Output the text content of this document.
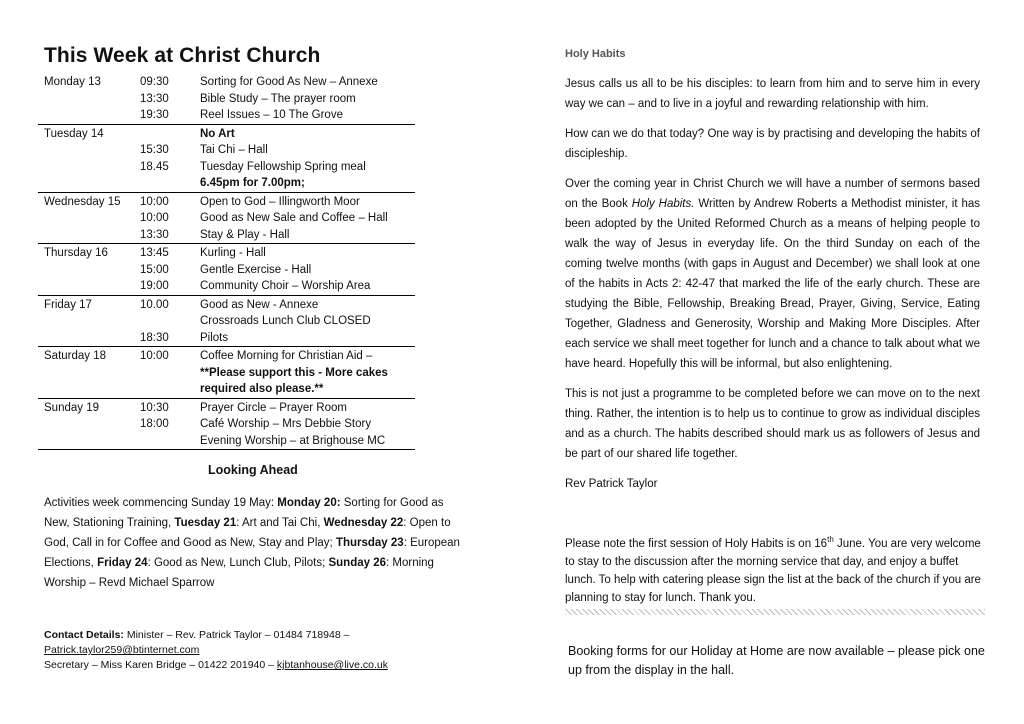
This Week at Christ Church
Monday 13	09:30	Sorting for Good As New – Annexe
	13:30	Bible Study – The prayer room
	19:30	Reel Issues – 10 The Grove
Tuesday 14		No Art
	15:30	Tai Chi – Hall
	18.45	Tuesday Fellowship Spring meal
		6.45pm for 7.00pm;
Wednesday 15	10:00	Open to God – Illingworth Moor
	10:00	Good as New Sale and Coffee – Hall
	13:30	Stay & Play - Hall
Thursday 16	13:45	Kurling - Hall
	15:00	Gentle Exercise - Hall
	19:00	Community Choir – Worship Area
Friday 17	10.00	Good as New - Annexe
		Crossroads Lunch Club CLOSED
	18:30	Pilots
Saturday 18	10:00	Coffee Morning for Christian Aid –
		**Please support this - More cakes
		required also please.**
Sunday 19	10:30	Prayer Circle – Prayer Room
	18:00	Café Worship – Mrs Debbie Story
		Evening Worship – at Brighouse MC
Looking Ahead
Activities week commencing Sunday 19 May: Monday 20: Sorting for Good as New, Stationing Training, Tuesday 21: Art and Tai Chi, Wednesday 22: Open to God, Call in for Coffee and Good as New, Stay and Play; Thursday 23: European Elections, Friday 24: Good as New, Lunch Club, Pilots; Sunday 26: Morning Worship – Revd Michael Sparrow
Contact Details: Minister – Rev. Patrick Taylor – 01484 718948 –
Patrick.taylor259@btinternet.com
Secretary – Miss Karen Bridge – 01422 201940 – kjbtanhouse@live.co.uk
Holy Habits

Jesus calls us all to be his disciples: to learn from him and to serve him in every way we can – and to live in a joyful and rewarding relationship with him.

How can we do that today? One way is by practising and developing the habits of discipleship.

Over the coming year in Christ Church we will have a number of sermons based on the Book Holy Habits. Written by Andrew Roberts a Methodist minister, it has been adopted by the United Reformed Church as a means of helping people to walk the way of Jesus in everyday life. On the third Sunday on each of the coming twelve months (with gaps in August and December) we shall look at one of the habits in Acts 2: 42-47 that marked the life of the early church. These are studying the Bible, Fellowship, Breaking Bread, Prayer, Giving, Service, Eating Together, Gladness and Generosity, Worship and Making More Disciples. After each service we shall meet together for lunch and a chance to talk about what we have heard. Hopefully this will be informal, but also enlightening.

This is not just a programme to be completed before we can move on to the next thing. Rather, the intention is to help us to continue to grow as individual disciples and as a church. The habits described should mark us as followers of Jesus and be part of our shared life together.

Rev Patrick Taylor

Please note the first session of Holy Habits is on 16th June. You are very welcome to stay to the discussion after the morning service that day, and enjoy a buffet lunch. To help with catering please sign the list at the back of the church if you are planning to stay for lunch. Thank you.
Booking forms for our Holiday at Home are now available – please pick one up from the display in the hall.
